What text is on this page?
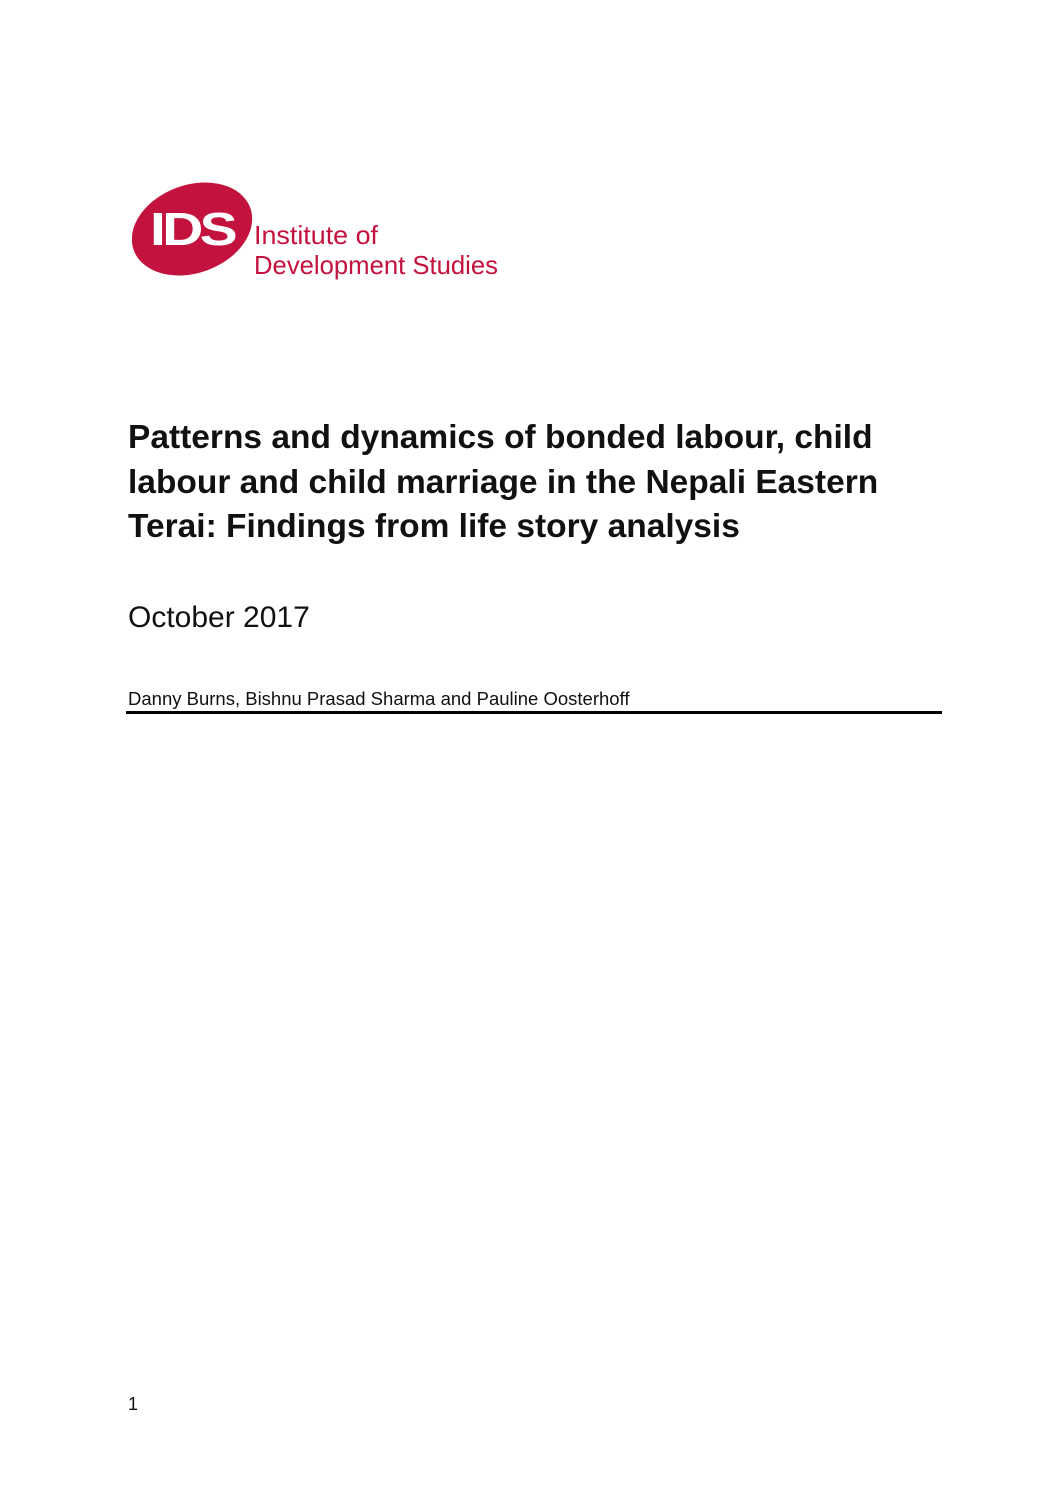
IDS Institute of
Development Studies
Patterns and dynamics of bonded labour, child
labour and child marriage in the Nepali Eastern
Terai: Findings from life story analysis
October 2017
Danny Burns, Bishnu Prasad Sharma and Pauline Oosterhoff
1
